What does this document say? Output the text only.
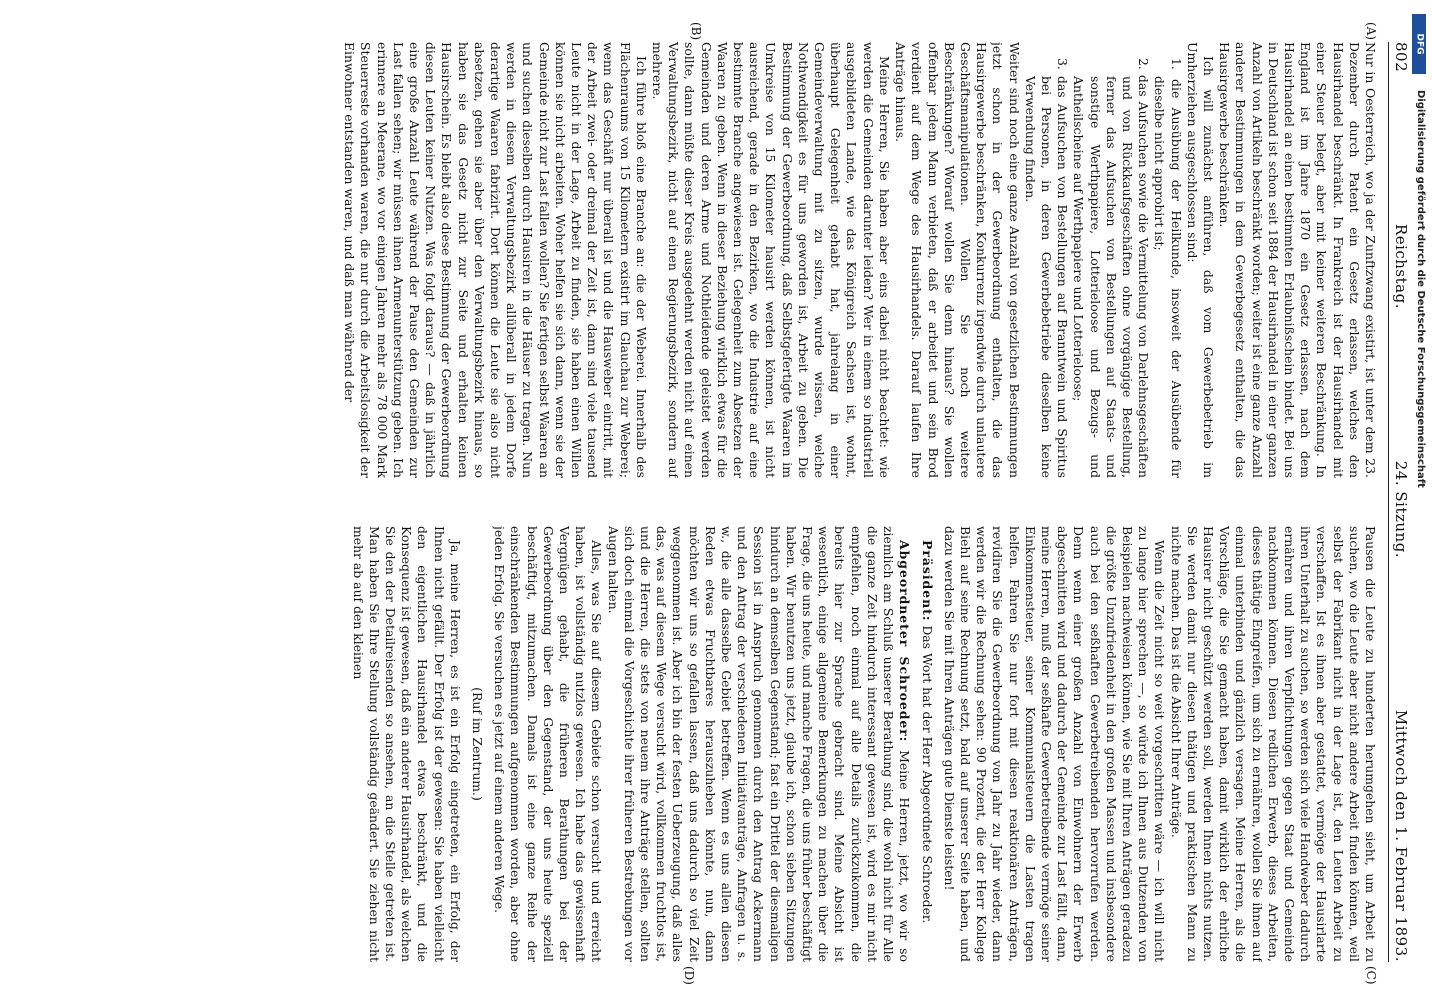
802
Reichstag.
24. Sitzung.
Mittwoch den 1. Februar 1893.
(A)
(B)
(C)
(D)

Nur in Oesterreich, wo ja der Zunftzwang existirt, ist unter dem 23. Dezember durch Patent ein Gesetz erlassen, welches den Hausirhandel beschränkt. In Frankreich ist der Hausirhandel mit einer Steuer belegt, aber mit keiner weiteren Beschränkung. In England ist im Jahre 1870 ein Gesetz erlassen, nach dem Hausirhandel an einen bestimmten Erlaubnißschein bindet. Bei uns in Deutschland ist schon seit 1884 der Hausirhandel in einer ganzen Anzahl von Artikeln beschränkt worden; weiter ist eine ganze Anzahl anderer Bestimmungen in dem Gewerbegesetz enthalten, die das Hausirgewerbe beschränken.

Ich will zunächst anführen, daß vom Gewerbebetrieb im Umherziehen ausgeschlossen sind:

1. die Ausübung der Heilkunde, insoweit der Ausübende für dieselbe nicht approbirt ist;

2. das Aufsuchen sowie die Vermittelung von Darlehnsgeschäften und von Rückkaufsgeschäften ohne vorgängige Bestellung, ferner das Aufsuchen von Bestellungen auf Staats- und sonstige Werthpapiere, Lotterieloose und Bezugs- und Antheilscheine auf Werthpapiere und Lotterieloose;

3. das Aufsuchen von Bestellungen auf Branntwein und Spiritus bei Personen, in deren Gewerbebetriebe dieselben keine Verwendung finden.

Weiter sind noch eine ganze Anzahl von gesetzlichen Bestimmungen jetzt schon in der Gewerbeordnung enthalten, die das Hausirgewerbe beschränken, Konkurrenz irgendwie durch unlautere Geschäftsmanipulationen. Wollen Sie noch weitere Beschränkungen? Worauf wollen Sie denn hinaus? Sie wollen offenbar jedem Mann verbieten, daß er arbeitet und sein Brod verdient auf dem Wege des Hausirhandels. Darauf laufen Ihre Anträge hinaus.

Meine Herren, Sie haben aber eins dabei nicht beachtet: wie werden die Gemeinden darunter leiden? Wer in einem so industriell ausgebildeten Lande, wie das Königreich Sachsen ist, wohnt, überhaupt Gelegenheit gehabt hat, jahrelang in einer Gemeindeverwaltung mit zu sitzen, wurde wissen, welche Nothwendigkeit es für uns geworden ist, Arbeit zu geben. Die Bestimmung der Gewerbeordnung, daß Selbstgefertigte Waaren im Umkreise von 15 Kilometer hausirt werden können, ist nicht ausreichend, gerade in den Bezirken, wo die Industrie auf eine bestimmte Branche angewiesen ist. Gelegenheit zum Absetzen der Waaren zu geben. Wenn in dieser Beziehung wirklich etwas für die Gemeinden und deren Arme und Nothleidende geleistet werden sollte, dann müßte dieser Kreis ausgedehnt werden nicht auf einen Verwaltungsbezirk, nicht auf einen Regierungsbezirk, sondern auf mehrere.

Ich führe bloß eine Branche an: die der Weberei. Innerhalb des Flächenraums von 15 Kilometern existirt im Glauchau zur Weberei; wenn das Geschäft nur überall ist und die Hausweber eintritt, mit der Arbeit zwei- oder dreimal der Zeit ist, dann sind viele tausend Leute nicht in der Lage, Arbeit zu finden, sie haben einen Willen können sie nicht arbeiten. Woher helfen sie sich dann, wenn sie der Gemeinde nicht zur Last fallen wollen? Sie fertigen selbst Waaren an und suchen dieselben durch Hausiren in die Häuser zu tragen. Nun werden in diesem Verwaltungsbezirk allüberall in jedem Dorfe derartige Waaren fabrizirt. Dort können die Leute sie also nicht absetzen, gehen sie aber über den Verwaltungsbezirk hinaus, so haben sie das Gesetz nicht zur Seite und erhalten keinen Hausirschein. Es bleibt also diese Bestimmung der Gewerbeordnung diesen Leuten keiner Nutzen. Was folgt daraus? — daß in jährlich eine große Anzahl Leute während der Pause den Gemeinden zur Last fallen sehen; wir müssen ihnen Armenunterstützung geben. Ich erinnere an Meerane, wo vor einigen Jahren mehr als 78 000 Mark Steuerreste vorhanden waren, die nur durch die Arbeitslosigkeit der Einwohner entstanden waren, und daß man während der

Pausen die Leute zu hunderten herumgehen sieht, um Arbeit zu suchen, wo die Leute aber nicht andere Arbeit finden können, weil selbst der Fabrikant nicht in der Lage ist, den Leuten Arbeit zu verschaffen. Ist es ihnen aber gestattet, vermöge der Hausirlarte ihren Unterhalt zu suchen, so werden sich viele Handweber dadurch ernähren und ihren Verpflichtungen gegen Staat und Gemeinde nachkommen können. Diesen redlichen Erwerb, dieses Arbeiten, dieses thätige Eingreifen, um sich zu ernähren, wollen Sie ihnen auf einmal unterbinden und gänzlich versagen. Meine Herren, als die Vorschläge, die Sie gemacht haben, damit wirklich der ehrliche Hausirer nicht geschützt werden soll, werden Ihnen nichts nutzen. Sie werden damit nur diesen thätigen und praktischen Mann zu nichte machen. Das ist die Absicht Ihrer Anträge.

Wenn die Zeit nicht so weit vorgeschritten wäre — ich will nicht zu lange hier sprechen —, so würde ich Ihnen aus Dutzenden von Beispielen nachweisen können, wie Sie mit Ihren Anträgen geradezu die größte Unzufriedenheit in den großen Massen und insbesondere auch bei den seßhaften Gewerbetreibenden hervorrufen werden. Denn wenn einer großen Anzahl von Einwohnern der Erwerb abgeschnitten wird und dadurch der Gemeinde zur Last fällt, dann, meine Herren, muß der seßhafte Gewerbetreibende vermöge seiner Einkommensteuer, seiner Kommunalsteuern die Lasten tragen helfen. Fahren Sie nur fort mit diesen reaktionären Anträgen, revidiren Sie die Gewerbeordnung von Jahr zu Jahr wieder, dann werden wir die Rechnung sehen: 90 Prozent, die der Herr Kollege Biehl auf seine Rechnung setzt, bald auf unserer Seite haben, und dazu werden Sie mit Ihren Anträgen gute Dienste leisten!

Präsident: Das Wort hat der Herr Abgeordnete Schroeder.

Abgeordneter Schroeder: Meine Herren, jetzt, wo wir so ziemlich am Schluß unserer Berathung sind, die wohl nicht für Alle die ganze Zeit hindurch interessant gewesen ist, wird es mir nicht empfehlen, noch einmal auf alle Details zurückzukommen, die bereits hier zur Sprache gebracht sind. Meine Absicht ist wesentlich, einige allgemeine Bemerkungen zu machen über die Frage, die uns heute, und manche Fragen, die uns früher beschäftigt haben. Wir benutzen uns jetzt, glaube ich, schon sieben Sitzungen hindurch an demselben Gegenstand; fast ein Drittel der diesmaligen Session ist in Anspruch genommen durch den Antrag Ackermann und den Antrag der verschiedenen Initiativanträge, Anfragen u. s. w., die alle dasselbe Gebiet betreffen. Wenn es uns allen diesen Reden etwas Fruchtbares herauszuheben könnte, nun, dann möchten wir uns so gefallen lassen, daß uns dadurch so viel Zeit weggenommen ist. Aber ich bin der festen Ueberzeugung, daß alles das, was auf diesem Wege versucht wird, vollkommen fruchtlos ist, und die Herren, die stets von neuem ihre Anträge stellen, sollten sich doch einmal die Vorgeschichte ihrer früheren Bestrebungen vor Augen halten.

Alles, was Sie auf diesem Gebiete schon versucht und erreicht haben, ist vollständig nutzlos gewesen. Ich habe das gewissenhaft Vergnügen gehabt, die früheren Berathungen bei der Gewerbeordnung über den Gegenstand, der uns heute speziell beschäftigt, mitzumachen. Damals ist eine ganze Reihe der einschränkenden Bestimmungen aufgenommen worden, aber ohne jeden Erfolg. Sie versuchen es jetzt auf einem anderen Wege.

(Ruf im Zentrum.)

Ja, meine Herren, es ist ein Erfolg eingetreten, ein Erfolg, der Ihnen nicht gefällt. Der Erfolg ist der gewesen: Sie haben vielleicht den eigentlichen Hausirhandel etwas beschränkt, und die Konsequenz ist gewesen, daß ein anderer Hausirhandel, als welchen Sie den der Detailreisenden so ansehen, an die Stelle getreten ist. Man haben Sie Ihre Stellung vollständig geändert. Sie ziehen nicht mehr ab auf den kleinen

DFG
Digitalisierung gefördert durch die Deutsche Forschungsgemeinschaft
